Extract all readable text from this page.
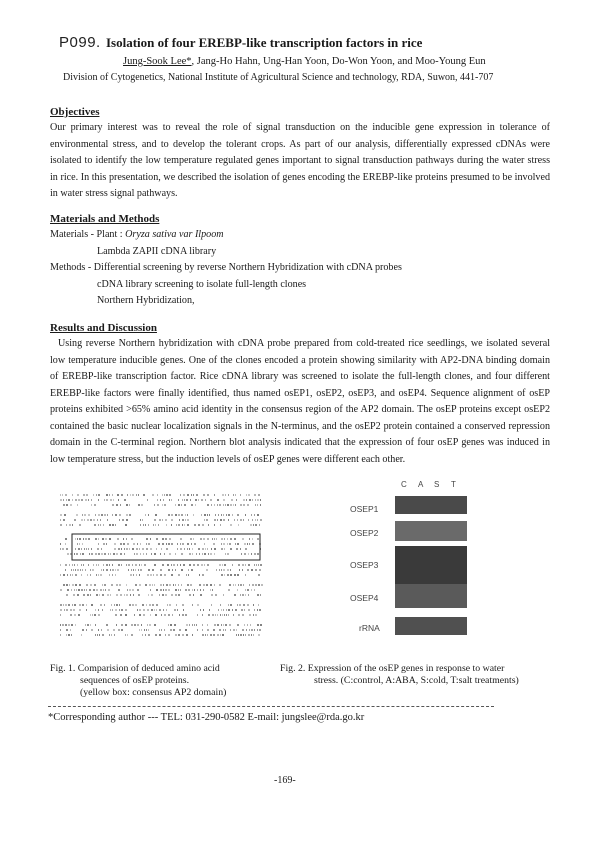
P099. Isolation of four EREBP-like transcription factors in rice
Jung-Sook Lee*, Jang-Ho Hahn, Ung-Han Yoon, Do-Won Yoon, and Moo-Young Eun
Division of Cytogenetics, National Institute of Agricultural Science and technology, RDA, Suwon, 441-707
Objectives

Our primary interest was to reveal the role of signal transduction on the inducible gene expression in tolerance of environmental stress, and to develop the tolerant crops. As part of our analysis, differentially expressed cDNAs were isolated to identify the low temperature regulated genes important to signal transduction pathways during the water stress in rice. In this presentation, we described the isolation of genes encoding the EREBP-like proteins presumed to be involved in water stress signal pathways.

Materials and Methods
Materials - Plant : Oryza sativa var Ilpoom
Lambda ZAPII cDNA library
Methods - Differential screening by reverse Northern Hybridization with cDNA probes
cDNA library screening to isolate full-length clones
Northern Hybridization,
Results and Discussion

Using reverse Northern hybridization with cDNA probe prepared from cold-treated rice seedlings, we isolated several low temperature inducible genes. One of the clones encoded a protein showing similarity with AP2-DNA binding domain of EREBP-like transcription factor. Rice cDNA library was screened to isolate the full-length clones, and four different EREBP-like factors were finally identified, thus named osEP1, osEP2, osEP3, and osEP4. Sequence alignment of osEP proteins exhibited >65% amino acid identity in the consensus region of the AP2 domain. The osEP proteins except osEP2 contained the basic nuclear localization signals in the N-terminus, and the osEP2 protein contained a conserved repression domain in the C-terminal region. Northern blot analysis indicated that the expression of four osEP genes was induced in low temperature stress, but the induction levels of osEP genes were different each other.

C A S T
OSEP1
OSEP2
OSEP3
OSEP4
rRNA
Fig. 1. Comparision of deduced amino acid
sequences of osEP proteins.
(yellow box: consensus AP2 domain)
Fig. 2. Expression of the osEP genes in response to water
stress. (C:control, A:ABA, S:cold, T:salt treatments)
*Corresponding author --- TEL: 031-290-0582 E-mail: jungslee@rda.go.kr
-169-
